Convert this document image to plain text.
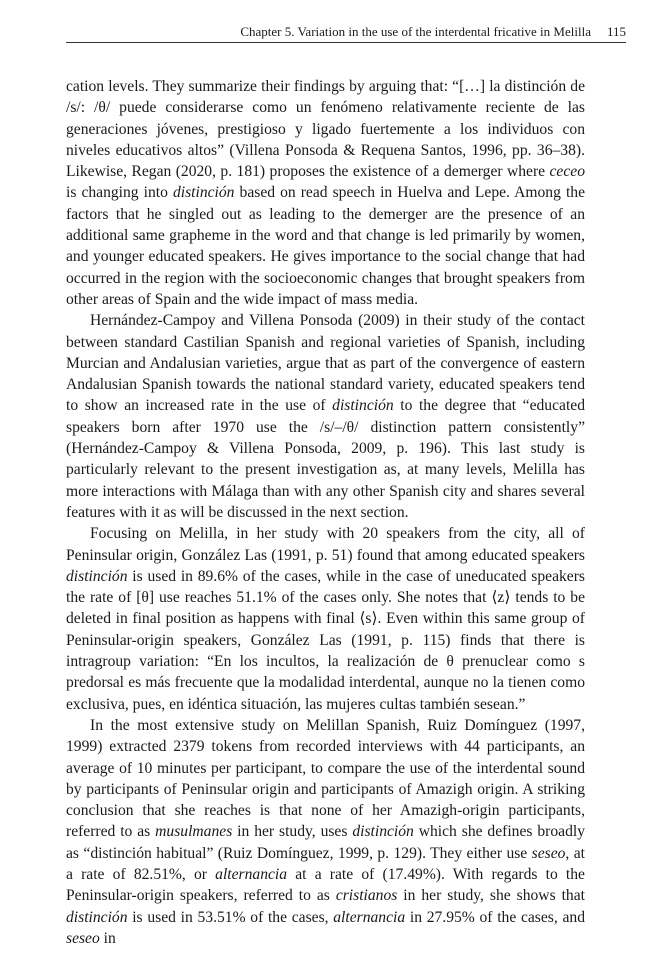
Chapter 5. Variation in the use of the interdental fricative in Melilla 115

cation levels. They summarize their findings by arguing that: “[…] la distinción de /s/: /θ/ puede considerarse como un fenómeno relativamente reciente de las generaciones jóvenes, prestigioso y ligado fuertemente a los individuos con niveles educativos altos” (Villena Ponsoda & Requena Santos, 1996, pp. 36–38). Likewise, Regan (2020, p. 181) proposes the existence of a demerger where ceceo is changing into distinción based on read speech in Huelva and Lepe. Among the factors that he singled out as leading to the demerger are the presence of an additional same grapheme in the word and that change is led primarily by women, and younger educated speakers. He gives importance to the social change that had occurred in the region with the socioeconomic changes that brought speakers from other areas of Spain and the wide impact of mass media.

Hernández-Campoy and Villena Ponsoda (2009) in their study of the contact between standard Castilian Spanish and regional varieties of Spanish, including Murcian and Andalusian varieties, argue that as part of the convergence of eastern Andalusian Spanish towards the national standard variety, educated speakers tend to show an increased rate in the use of distinción to the degree that “educated speakers born after 1970 use the /s/–/θ/ distinction pattern consistently” (Hernández-Campoy & Villena Ponsoda, 2009, p. 196). This last study is particularly relevant to the present investigation as, at many levels, Melilla has more interactions with Málaga than with any other Spanish city and shares several features with it as will be discussed in the next section.

Focusing on Melilla, in her study with 20 speakers from the city, all of Peninsular origin, González Las (1991, p. 51) found that among educated speakers distinción is used in 89.6% of the cases, while in the case of uneducated speakers the rate of [θ] use reaches 51.1% of the cases only. She notes that ⟨z⟩ tends to be deleted in final position as happens with final ⟨s⟩. Even within this same group of Peninsular-origin speakers, González Las (1991, p. 115) finds that there is intragroup variation: “En los incultos, la realización de θ prenuclear como s predorsal es más frecuente que la modalidad interdental, aunque no la tienen como exclusiva, pues, en idéntica situación, las mujeres cultas también sesean.”

In the most extensive study on Melillan Spanish, Ruiz Domínguez (1997, 1999) extracted 2379 tokens from recorded interviews with 44 participants, an average of 10 minutes per participant, to compare the use of the interdental sound by participants of Peninsular origin and participants of Amazigh origin. A striking conclusion that she reaches is that none of her Amazigh-origin participants, referred to as musulmanes in her study, uses distinción which she defines broadly as “distinción habitual” (Ruiz Domínguez, 1999, p. 129). They either use seseo, at a rate of 82.51%, or alternancia at a rate of (17.49%). With regards to the Peninsular-origin speakers, referred to as cristianos in her study, she shows that distinción is used in 53.51% of the cases, alternancia in 27.95% of the cases, and seseo in
